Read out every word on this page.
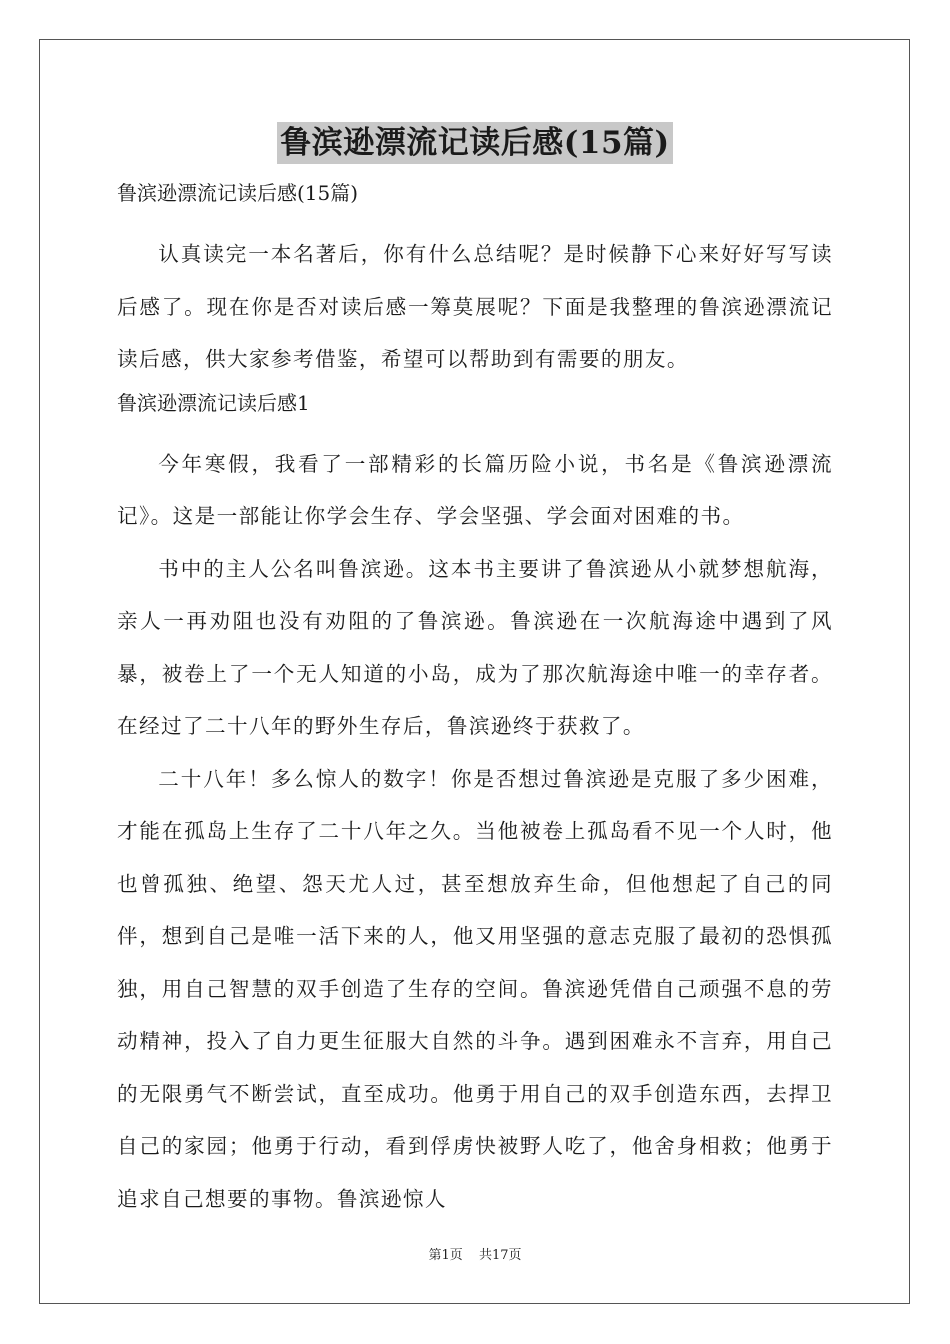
鲁滨逊漂流记读后感(15篇)
鲁滨逊漂流记读后感(15篇)

认真读完一本名著后，你有什么总结呢？是时候静下心来好好写写读后感了。现在你是否对读后感一筹莫展呢？下面是我整理的鲁滨逊漂流记读后感，供大家参考借鉴，希望可以帮助到有需要的朋友。

鲁滨逊漂流记读后感1

今年寒假，我看了一部精彩的长篇历险小说，书名是《鲁滨逊漂流记》。这是一部能让你学会生存、学会坚强、学会面对困难的书。

书中的主人公名叫鲁滨逊。这本书主要讲了鲁滨逊从小就梦想航海，亲人一再劝阻也没有劝阻的了鲁滨逊。鲁滨逊在一次航海途中遇到了风暴，被卷上了一个无人知道的小岛，成为了那次航海途中唯一的幸存者。在经过了二十八年的野外生存后，鲁滨逊终于获救了。

二十八年！多么惊人的数字！你是否想过鲁滨逊是克服了多少困难，才能在孤岛上生存了二十八年之久。当他被卷上孤岛看不见一个人时，他也曾孤独、绝望、怨天尤人过，甚至想放弃生命，但他想起了自己的同伴，想到自己是唯一活下来的人，他又用坚强的意志克服了最初的恐惧孤独，用自己智慧的双手创造了生存的空间。鲁滨逊凭借自己顽强不息的劳动精神，投入了自力更生征服大自然的斗争。遇到困难永不言弃，用自己的无限勇气不断尝试，直至成功。他勇于用自己的双手创造东西，去捍卫自己的家园；他勇于行动，看到俘虏快被野人吃了，他舍身相救；他勇于追求自己想要的事物。鲁滨逊惊人

第1页 共17页
